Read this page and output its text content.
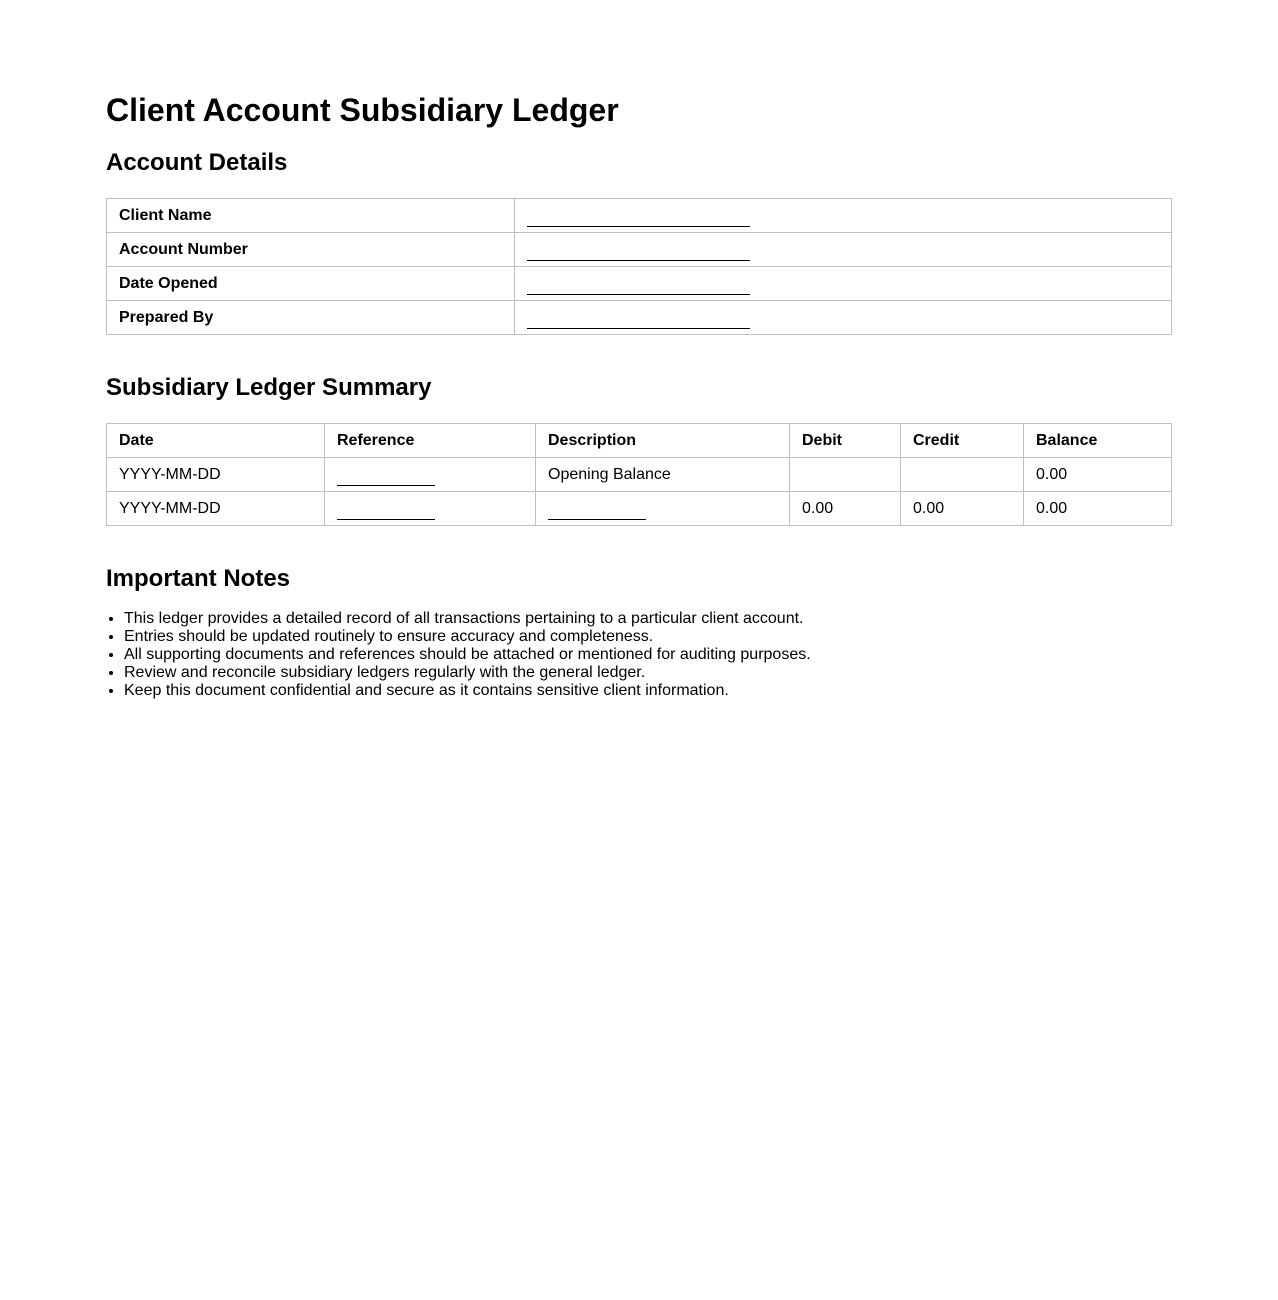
Client Account Subsidiary Ledger
Account Details
Client Name	
Account Number	
Date Opened	
Prepared By	
Subsidiary Ledger Summary
Date	Reference	Description	Debit	Credit	Balance
YYYY-MM-DD		Opening Balance			0.00
YYYY-MM-DD			0.00	0.00	0.00
Important Notes
• This ledger provides a detailed record of all transactions pertaining to a particular client account.
• Entries should be updated routinely to ensure accuracy and completeness.
• All supporting documents and references should be attached or mentioned for auditing purposes.
• Review and reconcile subsidiary ledgers regularly with the general ledger.
• Keep this document confidential and secure as it contains sensitive client information.
